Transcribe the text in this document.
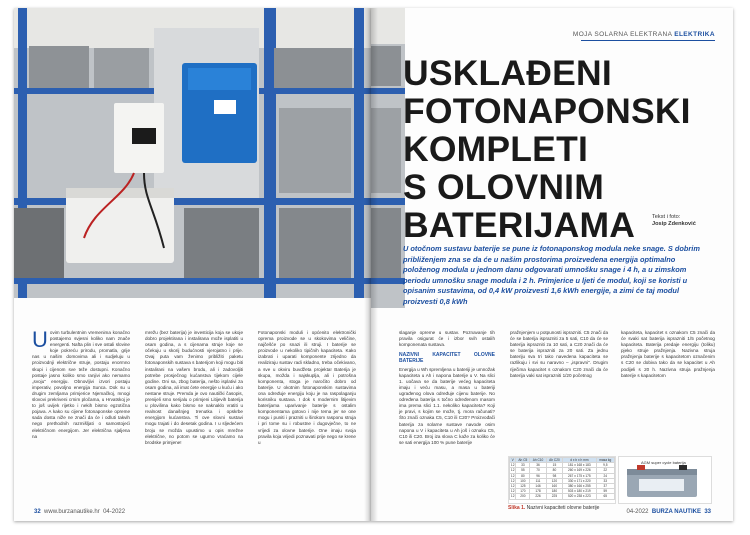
Uovim turbulentnim vremenima konačno postajemo svjesni koliko nam znače energenti. Nafta plin i sve ostali slovine koje pokreću prirodu, promatla, grije nas u našim domovima ali i sudjeluju u proizvodnji električne struje, postaju enormno skupi i cijenom sve teže dostupni. Konačno postaje jasno koliko smo ranjivi ako nemamo „svoju" energiju. Obnovljivi izvori postaju imperativ, povoljno energija Sunca. Dok su u drugim zemljama primjerice Njemačkoj, mnogi slovovi prekriveni crnim pločama, u Hrvatskoj je to još uvijek rijetko i nekih bismo egzotična pojava. A kako su cijene fotonaponske opreme sada dosta niže ne znači da će i odluti takvih nego prethodnih razmišljati o samostojeći električnom energijom. Jer električna sjaljena na
mrežu (bez baterija) je investicija koja se ukoje dobro projektirana i instalirana može isplatiti u osam godina, a s cijenama struje koje se očekuju u skorij budućnosti vjerojatno i prije. Ovaj puta vam ženimo približiti paketu fotonaponskih sustava s baterijom koji mogu biti instalirani na vašem brodu, ali i zadovoljiti potrebe prosječnog kućanstva tijekom cijele godine. Oni sa, zbog baterija, nešto isplativi za osam godina, ali imat ćete energije u kuću i ako nestane struje. Premda je ovo nautički časopis, prenijeli smo serijalu o primjeni Litijevih baterija u plovilima kako bismo se naknaklo vratiti u realnost današnjeg trenutka i opskrbe energijom kućanstva. Ti ove slovni sustavi mogu trajati i do desetak godina. I u sljedećem broju se možda upustimo u opis mrežne električne, no potom se ugurno vraćamo na brodske primjene!
Fotonaponski moduli i općenito elektronički oprema proizvode se u skokovima veličine, najčešće po snazi ili struji. I baterije se proizvode u nekoliko tipičnih kapaciteta. Kako izabrati i uparati komponente zrijedno da realiziraju sustav radi skladno, treba očekivano, a sve u okviru buvdžeta projekta! Baterija je skupa, možda i najskuplja, ali i potrošna komponenta, stoga je naročito dobro od baterije. U okotnim fotonaponskim sustavima ona određuje energiju koju je na raspolaganju korisniku sustava. I dok s modernim litijevim baterijama uparivanje baterije s ostalim komponentama gotovo i nije tema jer se one mogu i puniti i prazniti u širokom rasponu struja i pri tome su i robustne i dugovječne, to ne vrijedi za olovne baterije. One imaju svoja pravila koja vrijedi poznavati prije nego se krene u
32 www.burzanautike.hr 04-2022
MOJA SOLARNA ELEKTRANA ELEKTRIKA
USKLAĐENI
FOTONAPONSKI
KOMPLETI
S OLOVNIM
BATERIJAMA	Tekst i foto:
Josip Zdenković
U otočnom sustavu baterije se pune iz fotonaponskog modula neke snage. S dobrim približenjem zna se da će u našim prostorima proizvedena energija optimalno položenog modula u jednom danu odgovarati umnošku snage i 4 h, a u zimskom periodu umnošku snage modula i 2 h. Primjerice u ljeti će modul, koji se koristi u opisanim sustavima, od 0,4 kW proizvesti 1,6 kWh energije, a zimi će taj modul proizvesti 0,8 kWh
slaganje opreme u sustav. Poznavanje tih pravila osigurat će i izbor svih ostalih komponenata sustava.
NAZIVNI KAPACITET OLOVNE BATERIJE
Energija u Wh spremljena u bateriji je umnožak kapaciteta u Ah i napona baterije u V. Na slici 1. uočava se da baterije većeg kapaciteta imaju i veću masu, a masa u bateriji ugrađenog olova određuje cijenu baterije. No određena baterija s točno određenom masom ima prema slici 1.1. nekoliko kapaciteta? Koji je pravi, s kojim se može, tj. mora računati? Što znači oznaka C5, C10 ili C20? Proizvođači baterija za solarne sustave navode osim napona u V i kapaciteta u Ah još i oznaku C5, C10 ili C20. Broj iza slova C kaže za koliko će se sati energija 100 % pune baterije
pražnjenjem u potpunosti isprazniti. C5 znači da će se baterija isprazniti za 5 sati, C10 da će se baterija isprazniti za 10 sati, a C20 znači da će se baterija isprazniti za 20 sati. Za jednu bateriju sva tri tako navedena kapaciteta se razlikuju i svi su naravno – „ispravni". Drugim riječima kapacitet s oznakom C20 znači da će baterija vaki sat isprazniti 1/20 početnog
kapaciteta, kapacitet s oznakom C5 znači da će svaki sat baterija isprazniti 1/5 početnog kapaciteta. Baterija predaje energiju (toliku) pjeko struje pražnjenja. Nazivna struja pražnjenja baterije s kapacitetom označenim s C20 se dobiva tako da se kapacitet u Ah podijeli s 20 h. Nazivna struja pražnjenja baterije s kapacitetom
V	Ah C5	Ah C10	Ah C20	d x b x h mm	masa kg
12	33	36	15	181 x 168 x 183	9,5
12	55	70	80	260 x 169 x 226	22
12	80	96	98	267 x 175 x 175	24
12	100	111	120	330 x 171 x 220	33
12	125	146	160	380 x 166 x 255	37
12	170	178	180	503 x 180 x 219	59
12	200	226	225	520 x 238 x 223	65
AGM super cycle baterija
Slika 1. Nazivni kapaciteti olovne baterije
04-2022 BURZA NAUTIKE 33
